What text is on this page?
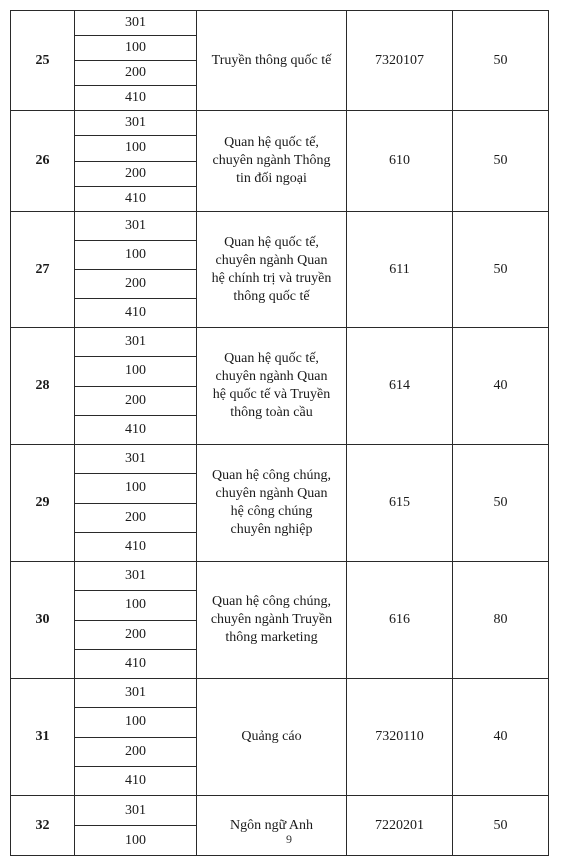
25	301	Truyền thông quốc tế	7320107	50
	100			
	200			
	410			
26	301	Quan hệ quốc tế,
chuyên ngành Thông
tin đối ngoại	610	50
	100			
	200			
	410			
27	301	Quan hệ quốc tế,
chuyên ngành Quan
hệ chính trị và truyền
thông quốc tế	611	50
	100			
	200			
	410			
28	301	Quan hệ quốc tế,
chuyên ngành Quan
hệ quốc tế và Truyền
thông toàn cầu	614	40
	100			
	200			
	410			
29	301	Quan hệ công chúng,
chuyên ngành Quan
hệ công chúng
chuyên nghiệp	615	50
	100			
	200			
	410			
30	301	Quan hệ công chúng,
chuyên ngành Truyền
thông marketing	616	80
	100			
	200			
	410			
31	301	Quảng cáo	7320110	40
	100			
	200			
	410			
32	301	Ngôn ngữ Anh	7220201	50
	100				9
